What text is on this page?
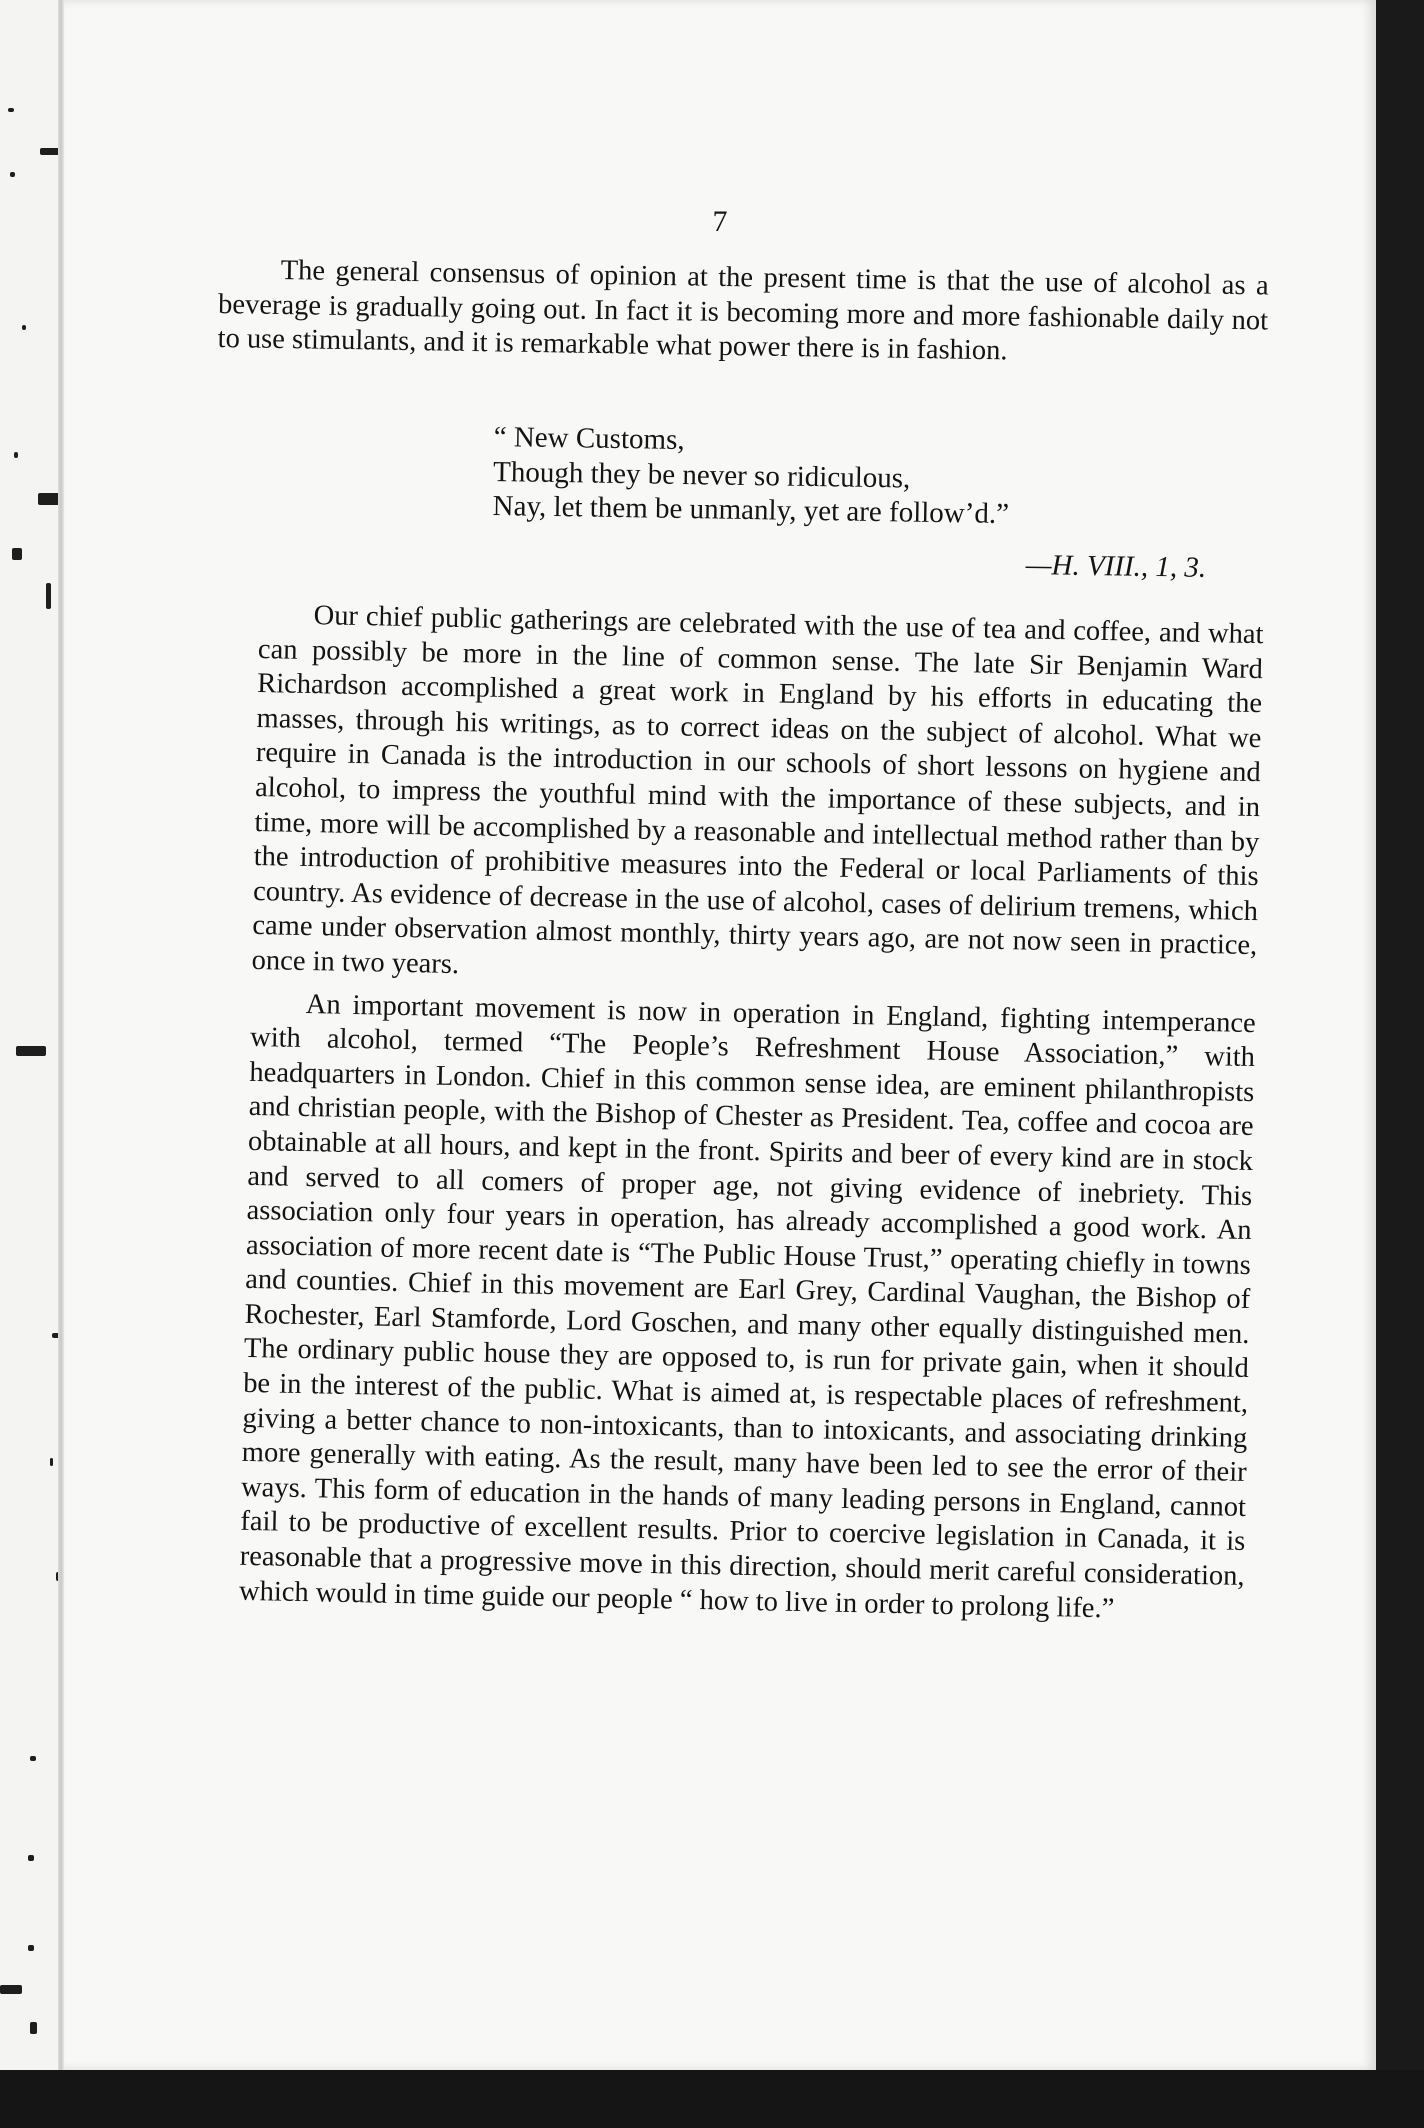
7

The general consensus of opinion at the present time is that the use of alcohol as a beverage is gradually going out. In fact it is becoming more and more fashionable daily not to use stimulants, and it is remarkable what power there is in fashion.

“ New Customs,
Though they be never so ridiculous,
Nay, let them be unmanly, yet are follow’d.”
—H. VIII., 1, 3.

Our chief public gatherings are celebrated with the use of tea and coffee, and what can possibly be more in the line of common sense. The late Sir Benjamin Ward Richardson accomplished a great work in England by his efforts in educating the masses, through his writings, as to correct ideas on the subject of alcohol. What we require in Canada is the introduction in our schools of short lessons on hygiene and alcohol, to impress the youthful mind with the importance of these subjects, and in time, more will be accomplished by a reasonable and intellectual method rather than by the introduction of prohibitive measures into the Federal or local Parliaments of this country. As evidence of decrease in the use of alcohol, cases of delirium tremens, which came under observation almost monthly, thirty years ago, are not now seen in practice, once in two years.

An important movement is now in operation in England, fighting intemperance with alcohol, termed “The People’s Refreshment House Association,” with headquarters in London. Chief in this common sense idea, are eminent philanthropists and christian people, with the Bishop of Chester as President. Tea, coffee and cocoa are obtainable at all hours, and kept in the front. Spirits and beer of every kind are in stock and served to all comers of proper age, not giving evidence of inebriety. This association only four years in operation, has already accomplished a good work. An association of more recent date is “The Public House Trust,” operating chiefly in towns and counties. Chief in this movement are Earl Grey, Cardinal Vaughan, the Bishop of Rochester, Earl Stamforde, Lord Goschen, and many other equally distinguished men. The ordinary public house they are opposed to, is run for private gain, when it should be in the interest of the public. What is aimed at, is respectable places of refreshment, giving a better chance to non-intoxicants, than to intoxicants, and associating drinking more generally with eating. As the result, many have been led to see the error of their ways. This form of education in the hands of many leading persons in England, cannot fail to be productive of excellent results. Prior to coercive legislation in Canada, it is reasonable that a progressive move in this direction, should merit careful consideration, which would in time guide our people “ how to live in order to prolong life.”
